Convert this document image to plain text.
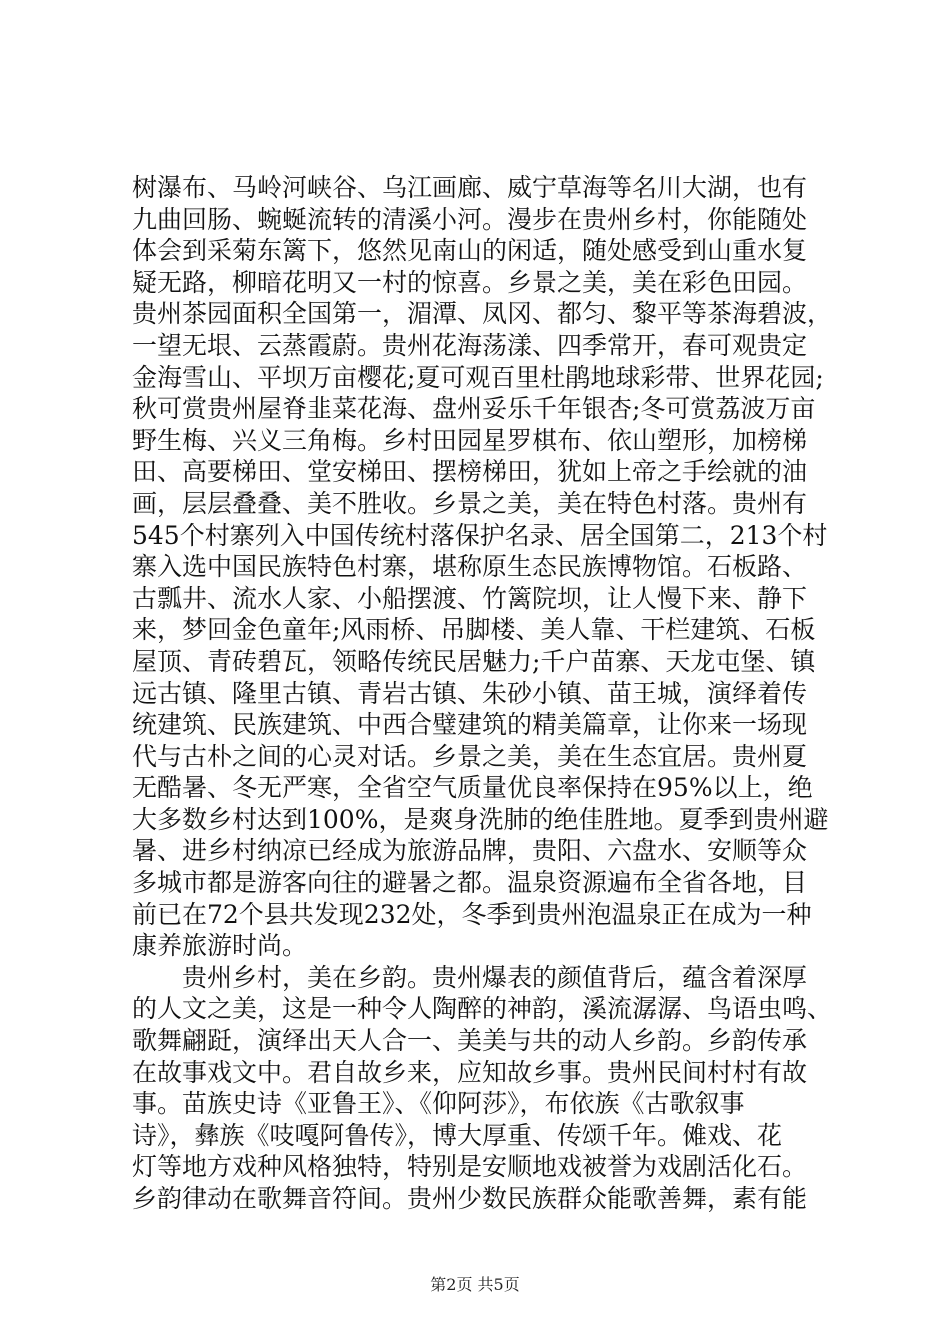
树瀑布、马岭河峡谷、乌江画廊、威宁草海等名川大湖，也有
九曲回肠、蜿蜒流转的清溪小河。漫步在贵州乡村，你能随处
体会到采菊东篱下，悠然见南山的闲适，随处感受到山重水复
疑无路，柳暗花明又一村的惊喜。乡景之美，美在彩色田园。
贵州茶园面积全国第一，湄潭、凤冈、都匀、黎平等茶海碧波，
一望无垠、云蒸霞蔚。贵州花海荡漾、四季常开，春可观贵定
金海雪山、平坝万亩樱花;夏可观百里杜鹃地球彩带、世界花园;
秋可赏贵州屋脊韭菜花海、盘州妥乐千年银杏;冬可赏荔波万亩
野生梅、兴义三角梅。乡村田园星罗棋布、依山塑形，加榜梯
田、高要梯田、堂安梯田、摆榜梯田，犹如上帝之手绘就的油
画，层层叠叠、美不胜收。乡景之美，美在特色村落。贵州有
545个村寨列入中国传统村落保护名录、居全国第二，213个村
寨入选中国民族特色村寨，堪称原生态民族博物馆。石板路、
古瓢井、流水人家、小船摆渡、竹篱院坝，让人慢下来、静下
来，梦回金色童年;风雨桥、吊脚楼、美人靠、干栏建筑、石板
屋顶、青砖碧瓦，领略传统民居魅力;千户苗寨、天龙屯堡、镇
远古镇、隆里古镇、青岩古镇、朱砂小镇、苗王城，演绎着传
统建筑、民族建筑、中西合璧建筑的精美篇章，让你来一场现
代与古朴之间的心灵对话。乡景之美，美在生态宜居。贵州夏
无酷暑、冬无严寒，全省空气质量优良率保持在95%以上，绝
大多数乡村达到100%，是爽身洗肺的绝佳胜地。夏季到贵州避
暑、进乡村纳凉已经成为旅游品牌，贵阳、六盘水、安顺等众
多城市都是游客向往的避暑之都。温泉资源遍布全省各地，目
前已在72个县共发现232处，冬季到贵州泡温泉正在成为一种
康养旅游时尚。
　　贵州乡村，美在乡韵。贵州爆表的颜值背后，蕴含着深厚
的人文之美，这是一种令人陶醉的神韵，溪流潺潺、鸟语虫鸣、
歌舞翩跹，演绎出天人合一、美美与共的动人乡韵。乡韵传承
在故事戏文中。君自故乡来，应知故乡事。贵州民间村村有故
事。苗族史诗《亚鲁王》、《仰阿莎》，布依族《古歌叙事
诗》，彝族《吱嘎阿鲁传》，博大厚重、传颂千年。傩戏、花
灯等地方戏种风格独特，特别是安顺地戏被誉为戏剧活化石。
乡韵律动在歌舞音符间。贵州少数民族群众能歌善舞，素有能
第2页 共5页
